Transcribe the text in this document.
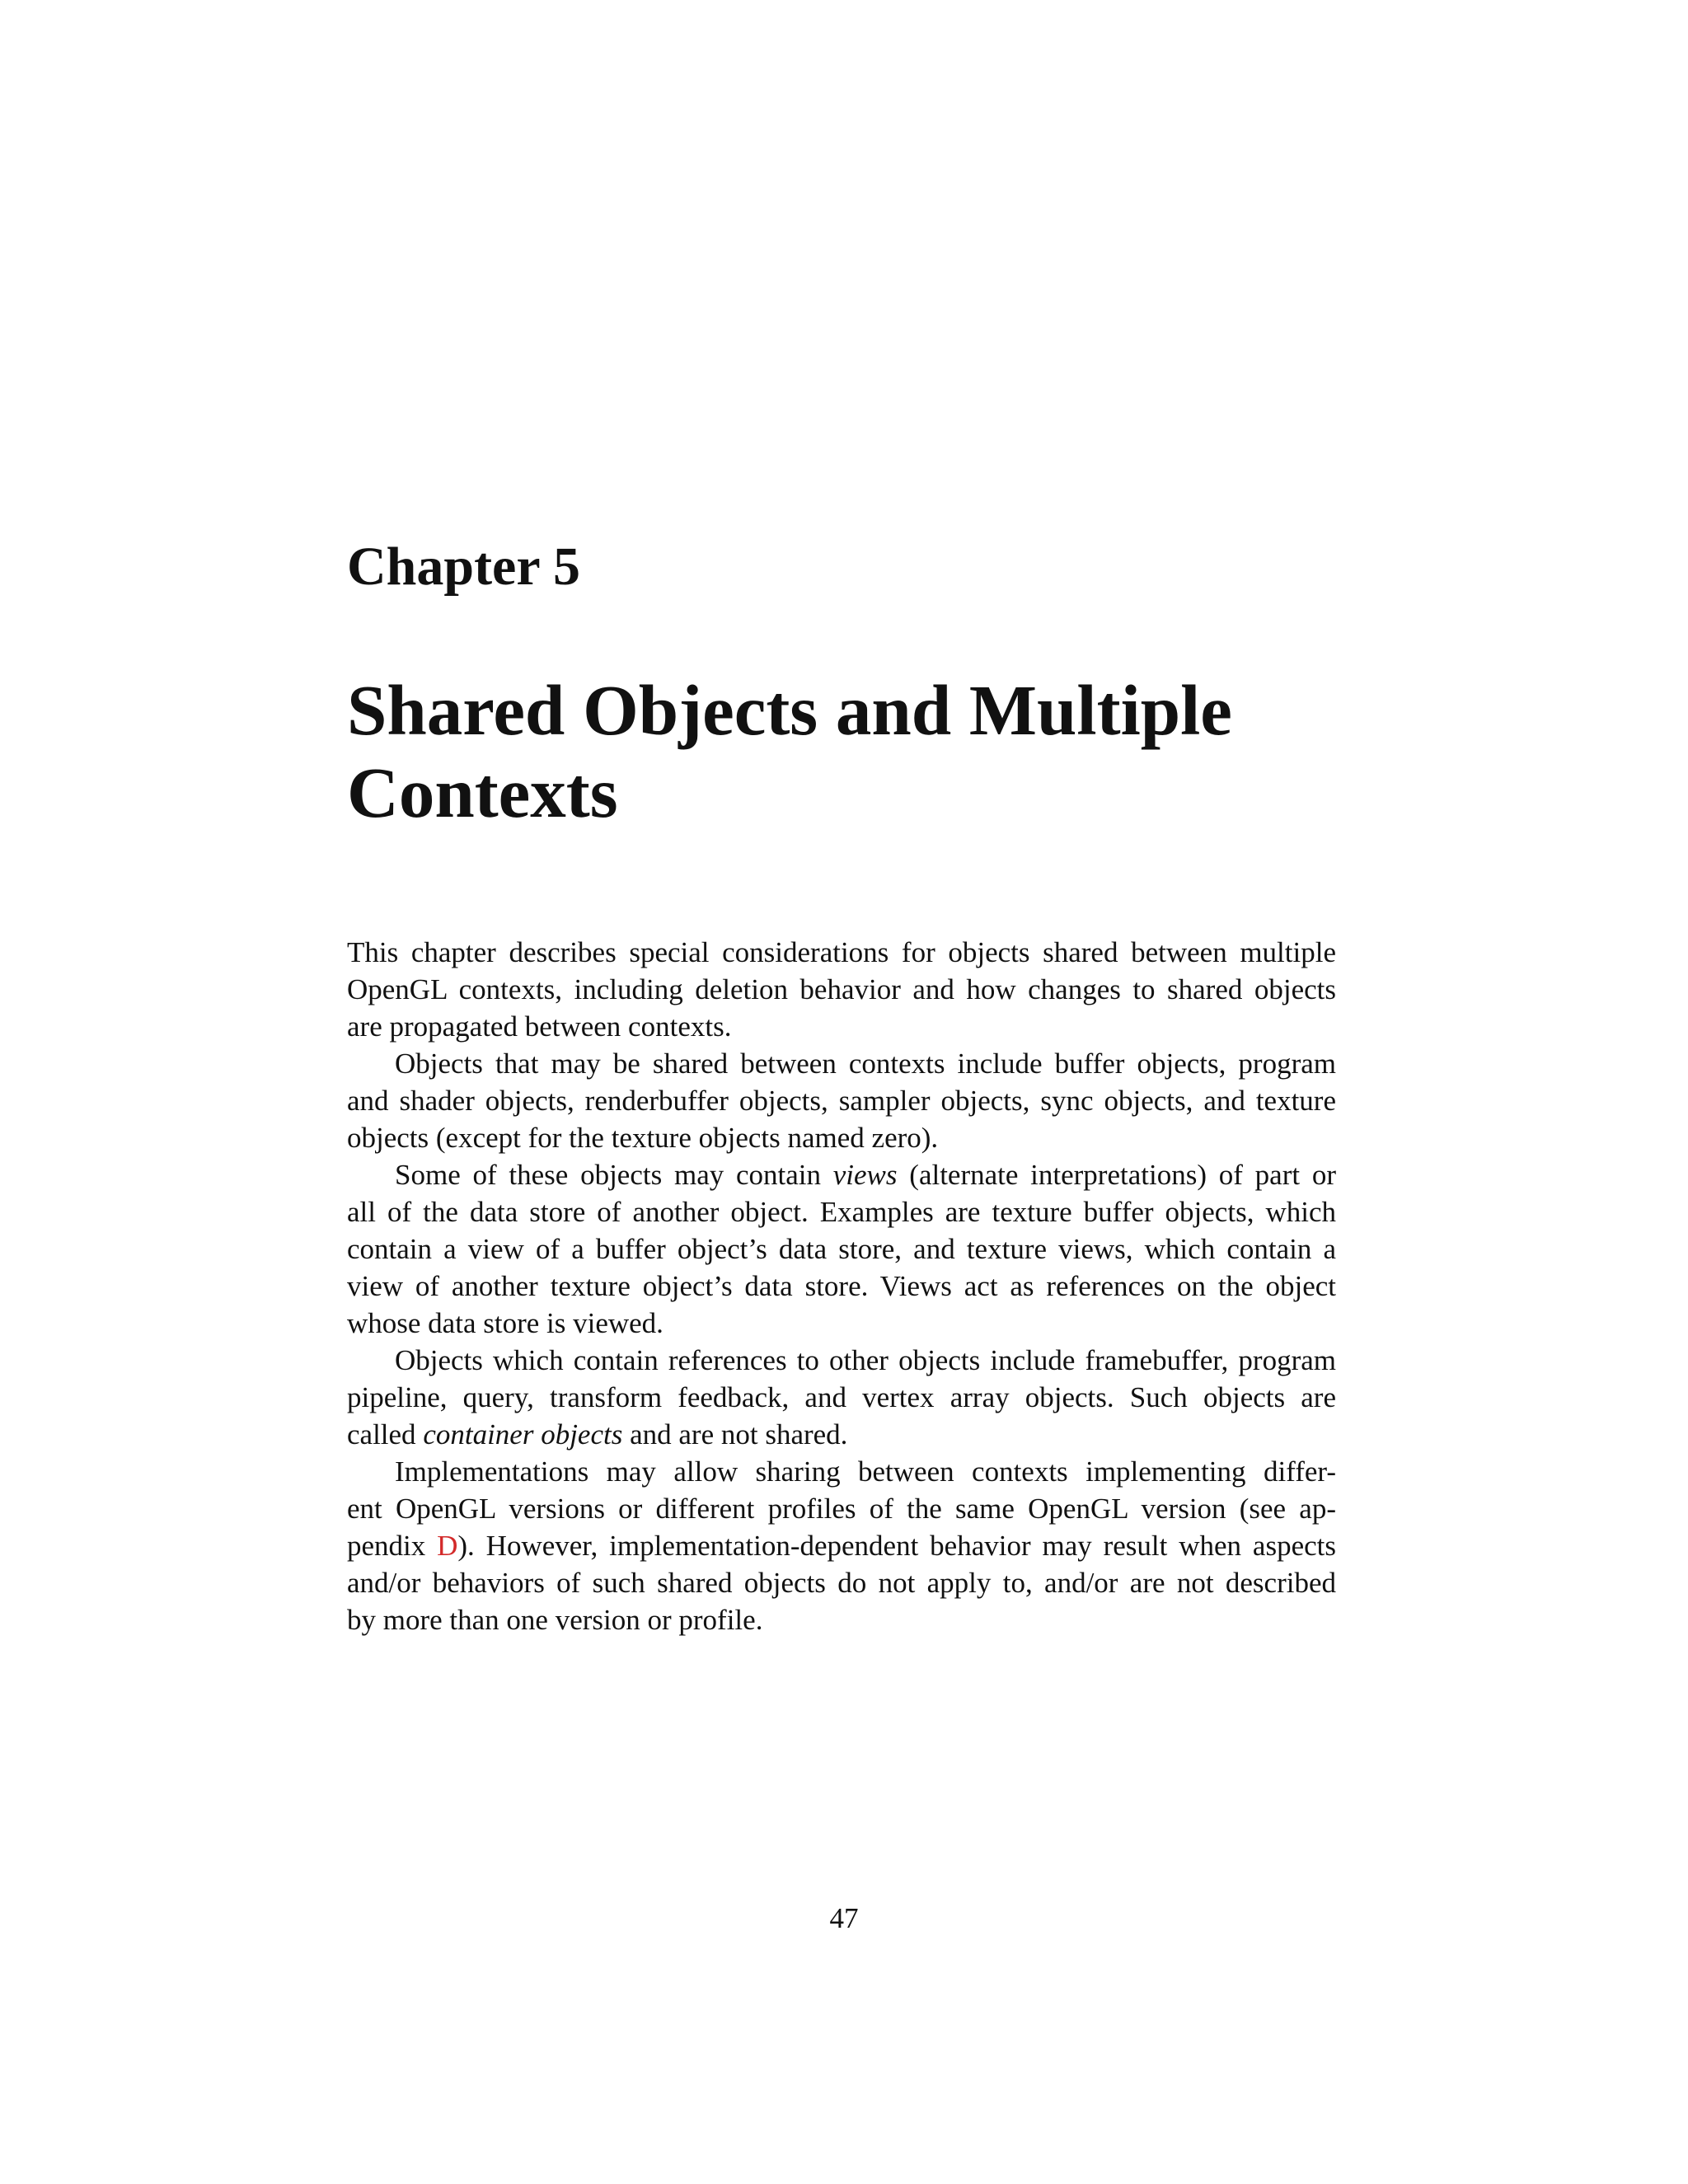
Chapter 5
Shared Objects and Multiple
Contexts

This chapter describes special considerations for objects shared between multiple
OpenGL contexts, including deletion behavior and how changes to shared objects
are propagated between contexts.

Objects that may be shared between contexts include buffer objects, program
and shader objects, renderbuffer objects, sampler objects, sync objects, and texture
objects (except for the texture objects named zero).

Some of these objects may contain views (alternate interpretations) of part or
all of the data store of another object. Examples are texture buffer objects, which
contain a view of a buffer object’s data store, and texture views, which contain a
view of another texture object’s data store. Views act as references on the object
whose data store is viewed.

Objects which contain references to other objects include framebuffer, program
pipeline, query, transform feedback, and vertex array objects. Such objects are
called container objects and are not shared.

Implementations may allow sharing between contexts implementing differ-
ent OpenGL versions or different profiles of the same OpenGL version (see ap-
pendix D). However, implementation-dependent behavior may result when aspects
and/or behaviors of such shared objects do not apply to, and/or are not described
by more than one version or profile.

47
